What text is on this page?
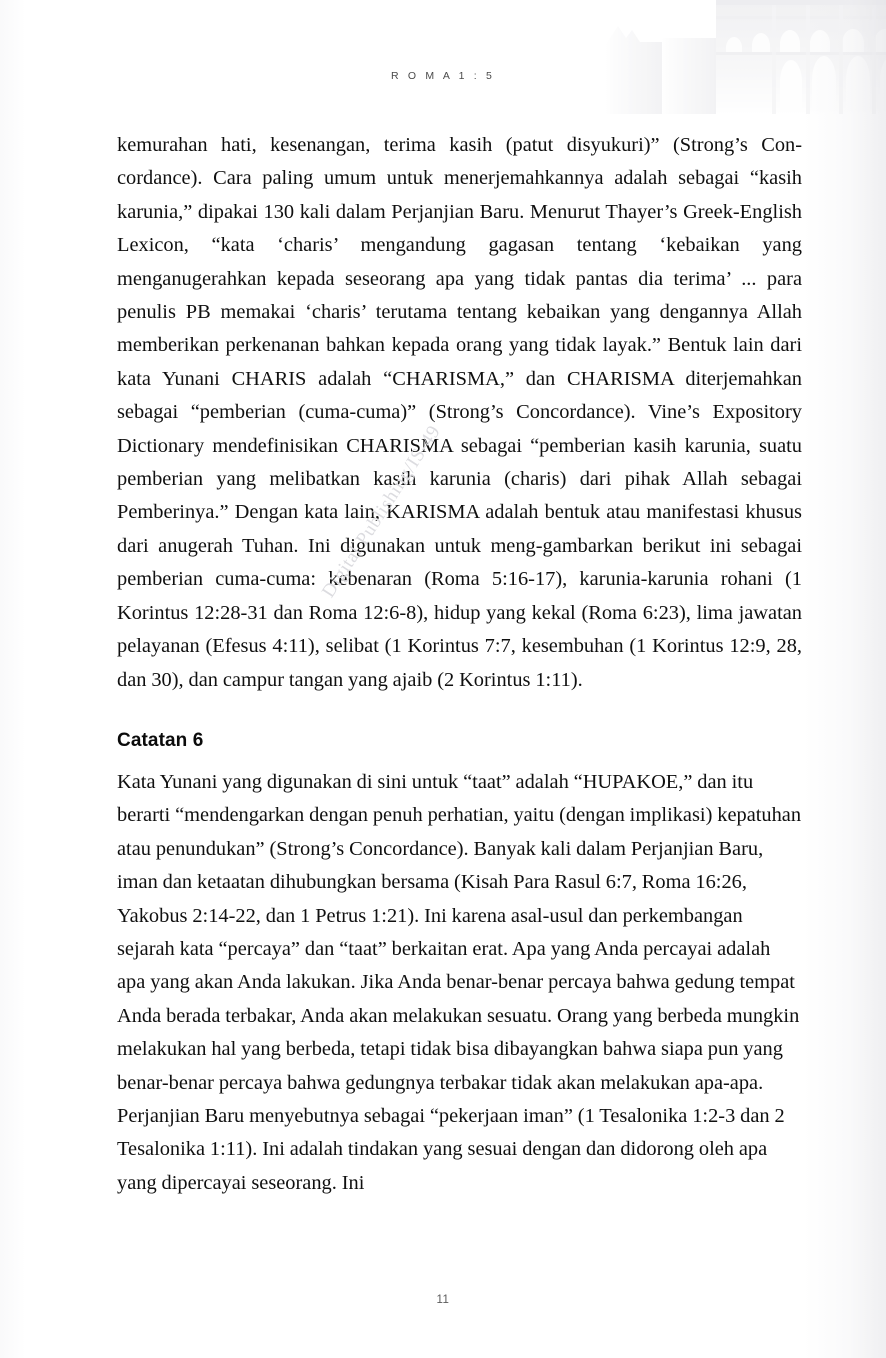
R O M A 1 : 5

kemurahan hati, kesenangan, terima kasih (patut disyukuri)” (Strong’s Con-cordance). Cara paling umum untuk menerjemahkannya adalah sebagai “kasih karunia,” dipakai 130 kali dalam Perjanjian Baru. Menurut Thayer’s Greek-English Lexicon, “kata ‘charis’ mengandung gagasan tentang ‘kebaikan yang menganugerahkan kepada seseorang apa yang tidak pantas dia terima’ ... para penulis PB memakai ‘charis’ terutama tentang kebaikan yang dengannya Allah memberikan perkenanan bahkan kepada orang yang tidak layak.” Bentuk lain dari kata Yunani CHARIS adalah “CHARISMA,” dan CHARISMA diterjemahkan sebagai “pemberian (cuma-cuma)” (Strong’s Concordance). Vine’s Expository Dictionary mendefinisikan CHARISMA sebagai “pemberian kasih karunia, suatu pemberian yang melibatkan kasih karunia (charis) dari pihak Allah sebagai Pemberinya.” Dengan kata lain, KARISMA adalah bentuk atau manifestasi khusus dari anugerah Tuhan. Ini digunakan untuk meng-gambarkan berikut ini sebagai pemberian cuma-cuma: kebenaran (Roma 5:16-17), karunia-karunia rohani (1 Korintus 12:28-31 dan Roma 12:6-8), hidup yang kekal (Roma 6:23), lima jawatan pelayanan (Efesus 4:11), selibat (1 Korintus 7:7, kesembuhan (1 Korintus 12:9, 28, dan 30), dan campur tangan yang ajaib (2 Korintus 1:11).

Catatan 6

Kata Yunani yang digunakan di sini untuk “taat” adalah “HUPAKOE,” dan itu berarti “mendengarkan dengan penuh perhatian, yaitu (dengan implikasi) kepatuhan atau penundukan” (Strong’s Concordance). Banyak kali dalam Perjanjian Baru, iman dan ketaatan dihubungkan bersama (Kisah Para Rasul 6:7, Roma 16:26, Yakobus 2:14-22, dan 1 Petrus 1:21). Ini karena asal-usul dan perkembangan sejarah kata “percaya” dan “taat” berkaitan erat. Apa yang Anda percayai adalah apa yang akan Anda lakukan. Jika Anda benar-benar percaya bahwa gedung tempat Anda berada terbakar, Anda akan melakukan sesuatu. Orang yang berbeda mungkin melakukan hal yang berbeda, tetapi tidak bisa dibayangkan bahwa siapa pun yang benar-benar percaya bahwa gedungnya terbakar tidak akan melakukan apa-apa. Perjanjian Baru menyebutnya sebagai “pekerjaan iman” (1 Tesalonika 1:2-3 dan 2 Tesalonika 1:11). Ini adalah tindakan yang sesuai dengan dan didorong oleh apa yang dipercayai seseorang. Ini

Digital Publishing/IS-49
11
